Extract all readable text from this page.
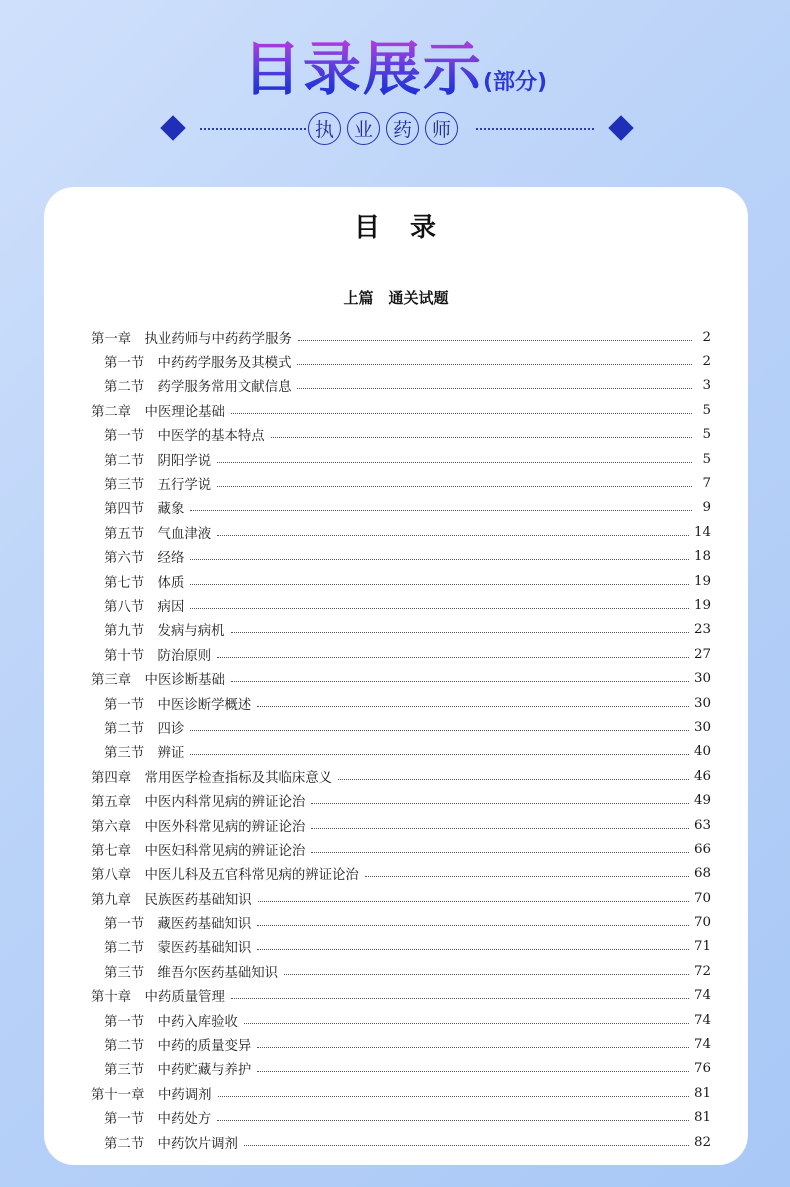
目录展示(部分)
执	业	药	师
目　录
上篇　通关试题
第一章　执业药师与中药药学服务	2
第一节　中药药学服务及其模式	2
第二节　药学服务常用文献信息	3
第二章　中医理论基础	5
第一节　中医学的基本特点	5
第二节　阴阳学说	5
第三节　五行学说	7
第四节　藏象	9
第五节　气血津液	14
第六节　经络	18
第七节　体质	19
第八节　病因	19
第九节　发病与病机	23
第十节　防治原则	27
第三章　中医诊断基础	30
第一节　中医诊断学概述	30
第二节　四诊	30
第三节　辨证	40
第四章　常用医学检查指标及其临床意义	46
第五章　中医内科常见病的辨证论治	49
第六章　中医外科常见病的辨证论治	63
第七章　中医妇科常见病的辨证论治	66
第八章　中医儿科及五官科常见病的辨证论治	68
第九章　民族医药基础知识	70
第一节　藏医药基础知识	70
第二节　蒙医药基础知识	71
第三节　维吾尔医药基础知识	72
第十章　中药质量管理	74
第一节　中药入库验收	74
第二节　中药的质量变异	74
第三节　中药贮藏与养护	76
第十一章　中药调剂	81
第一节　中药处方	81
第二节　中药饮片调剂	82
